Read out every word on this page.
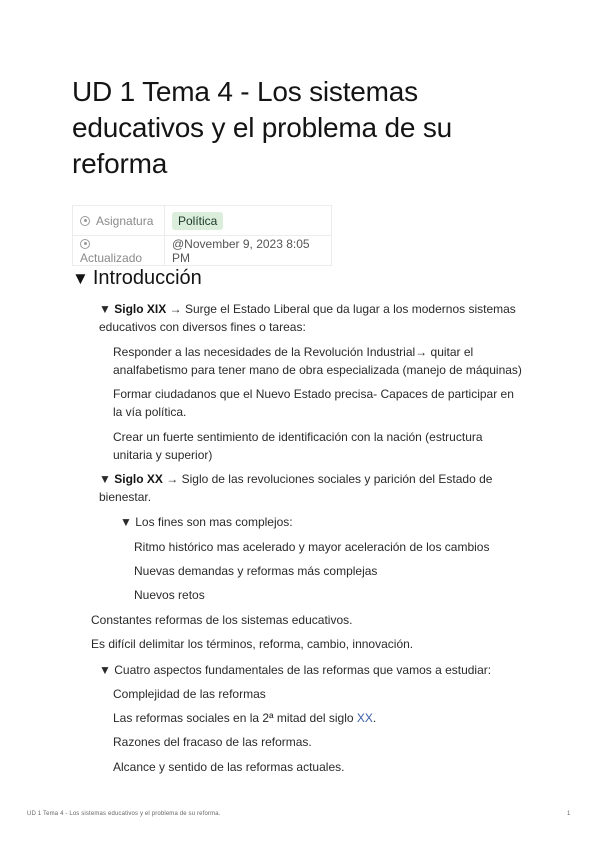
UD 1 Tema 4 - Los sistemas educativos y el problema de su reforma
Asignatura	Política
Actualizado	@November 9, 2023 8:05 PM
▼ Introducción
▼ Siglo XIX → Surge el Estado Liberal que da lugar a los modernos sistemas
educativos con diversos fines o tareas:
Responder a las necesidades de la Revolución Industrial→ quitar el
analfabetismo para tener mano de obra especializada (manejo de máquinas)
Formar ciudadanos que el Nuevo Estado precisa- Capaces de participar en
la vía política.
Crear un fuerte sentimiento de identificación con la nación (estructura
unitaria y superior)
▼ Siglo XX → Siglo de las revoluciones sociales y parición del Estado de
bienestar.
▼ Los fines son mas complejos:
Ritmo histórico mas acelerado y mayor aceleración de los cambios
Nuevas demandas y reformas más complejas
Nuevos retos
Constantes reformas de los sistemas educativos.
Es difícil delimitar los términos, reforma, cambio, innovación.
▼ Cuatro aspectos fundamentales de las reformas que vamos a estudiar:
Complejidad de las reformas
Las reformas sociales en la 2ª mitad del siglo XX.
Razones del fracaso de las reformas.
Alcance y sentido de las reformas actuales.
UD 1 Tema 4 - Los sistemas educativos y el problema de su reforma.	1
